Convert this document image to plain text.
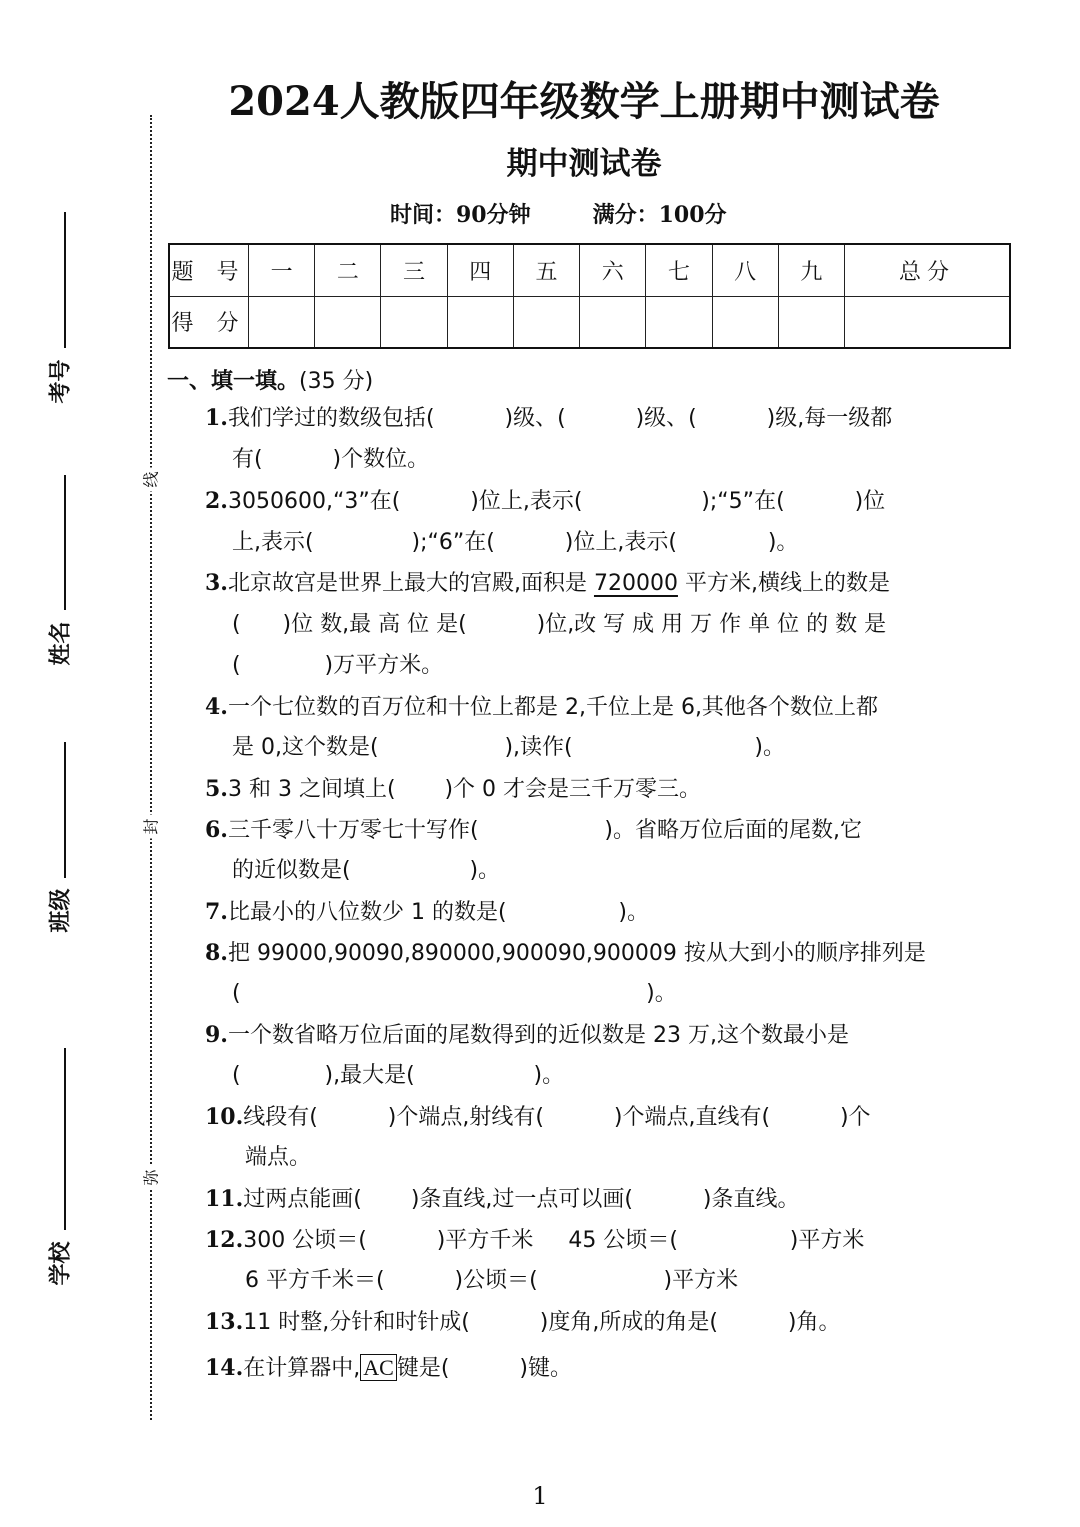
线
封
弥
考号
姓名
班级
学校
2024人教版四年级数学上册期中测试卷
期中测试卷
时间：90分钟	满分：100分
题 号	一	二	三	四	五	六	七	八	九	总分
得 分										
一、填一填。(35 分)
1.我们学过的数级包括(          )级、(          )级、(          )级,每一级都
有(          )个数位。
2.3050600,“3”在(          )位上,表示(                 );“5”在(          )位
上,表示(              );“6”在(          )位上,表示(             )。
3.北京故宫是世界上最大的宫殿,面积是 720000 平方米,横线上的数是
(      )位 数,最 高 位 是(          )位,改 写 成 用 万 作 单 位 的 数 是
(            )万平方米。
4.一个七位数的百万位和十位上都是 2,千位上是 6,其他各个数位上都
是 0,这个数是(                  ),读作(                          )。
5.3 和 3 之间填上(       )个 0 才会是三千万零三。
6.三千零八十万零七十写作(                  )。省略万位后面的尾数,它
的近似数是(                 )。
7.比最小的八位数少 1 的数是(                )。
8.把 99000,90090,890000,900090,900009 按从大到小的顺序排列是
(                                                          )。
9.一个数省略万位后面的尾数得到的近似数是 23 万,这个数最小是
(            ),最大是(                 )。
10.线段有(          )个端点,射线有(          )个端点,直线有(          )个
端点。
11.过两点能画(       )条直线,过一点可以画(          )条直线。
12.300 公顷＝(          )平方千米     45 公顷＝(                )平方米
6 平方千米＝(          )公顷＝(                  )平方米
13.11 时整,分针和时针成(          )度角,所成的角是(          )角。
14.在计算器中, AC 键是(          )键。
1
